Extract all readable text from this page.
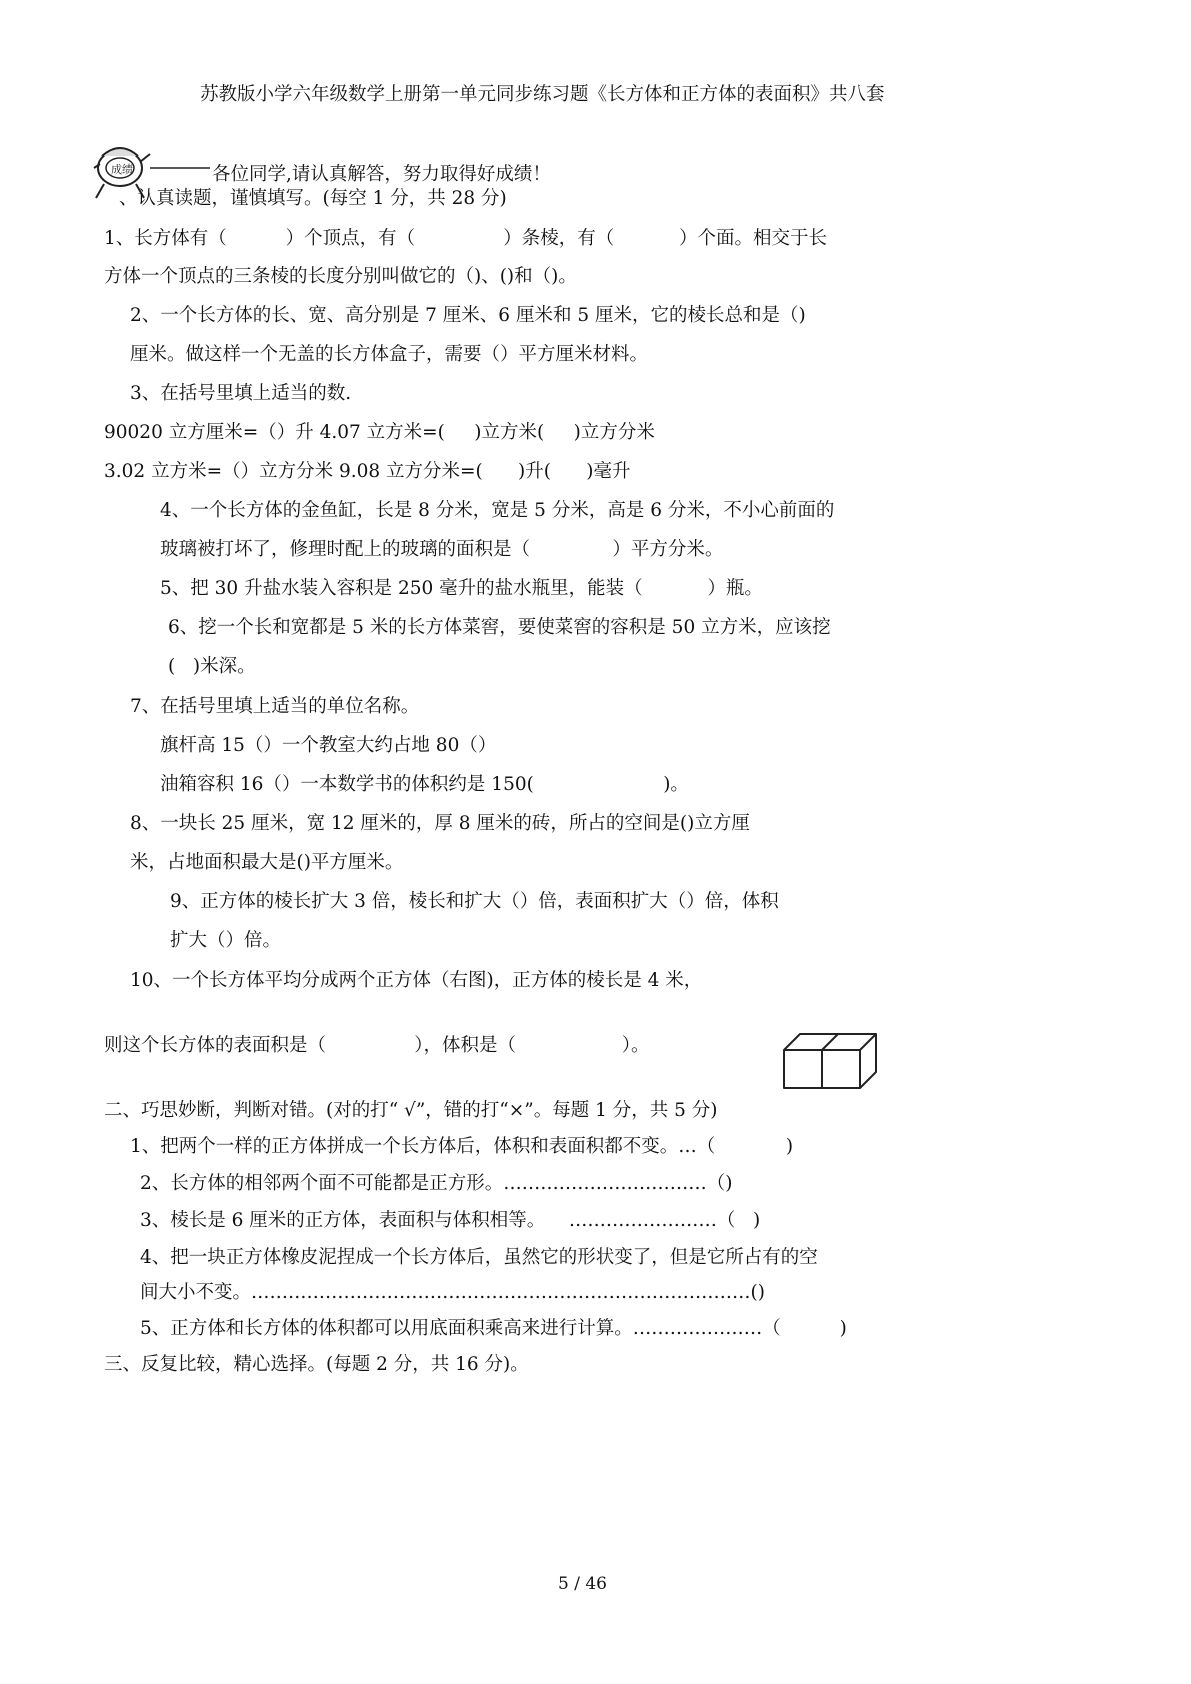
苏教版小学六年级数学上册第一单元同步练习题《长方体和正方体的表面积》共八套
成绩	各位同学,请认真解答，努力取得好成绩！
、认真读题，谨慎填写。(每空 1 分，共 28 分)
1、长方体有（          ）个顶点，有（               ）条棱，有（           ）个面。相交于长
方体一个顶点的三条棱的长度分别叫做它的（)、()和（)。
2、一个长方体的长、宽、高分别是 7 厘米、6 厘米和 5 厘米，它的棱长总和是（)
厘米。做这样一个无盖的长方体盒子，需要（）平方厘米材料。
3、在括号里填上适当的数.
90020 立方厘米=（）升 4.07 立方米=(     )立方米(     )立方分米
3.02 立方米=（）立方分米 9.08 立方分米=(      )升(      )毫升
4、一个长方体的金鱼缸，长是 8 分米，宽是 5 分米，高是 6 分米，不小心前面的
玻璃被打坏了，修理时配上的玻璃的面积是（              ）平方分米。
5、把 30 升盐水装入容积是 250 毫升的盐水瓶里，能装（           ）瓶。
6、挖一个长和宽都是 5 米的长方体菜窖，要使菜窖的容积是 50 立方米，应该挖
(   )米深。
7、在括号里填上适当的单位名称。
旗杆高 15（）一个教室大约占地 80（）
油箱容积 16（）一本数学书的体积约是 150(                      )。
8、一块长 25 厘米，宽 12 厘米的，厚 8 厘米的砖，所占的空间是()立方厘
米，占地面积最大是()平方厘米。
9、正方体的棱长扩大 3 倍，棱长和扩大（）倍，表面积扩大（）倍，体积
扩大（）倍。
10、一个长方体平均分成两个正方体（右图)，正方体的棱长是 4 米，
则这个长方体的表面积是（               ），体积是（                  ）。
二、巧思妙断，判断对错。(对的打“ √”，错的打“×”。每题 1 分，共 5 分)
1、把两个一样的正方体拼成一个长方体后，体积和表面积都不变。…（            )
2、长方体的相邻两个面不可能都是正方形。……………………………（)
3、棱长是 6 厘米的正方体，表面积与体积相等。    ……………………（   )
4、把一块正方体橡皮泥捏成一个长方体后，虽然它的形状变了，但是它所占有的空
间大小不变。………………………………………………………………………()
5、正方体和长方体的体积都可以用底面积乘高来进行计算。…………………（          )
三、反复比较，精心选择。(每题 2 分，共 16 分)。
5 / 46
